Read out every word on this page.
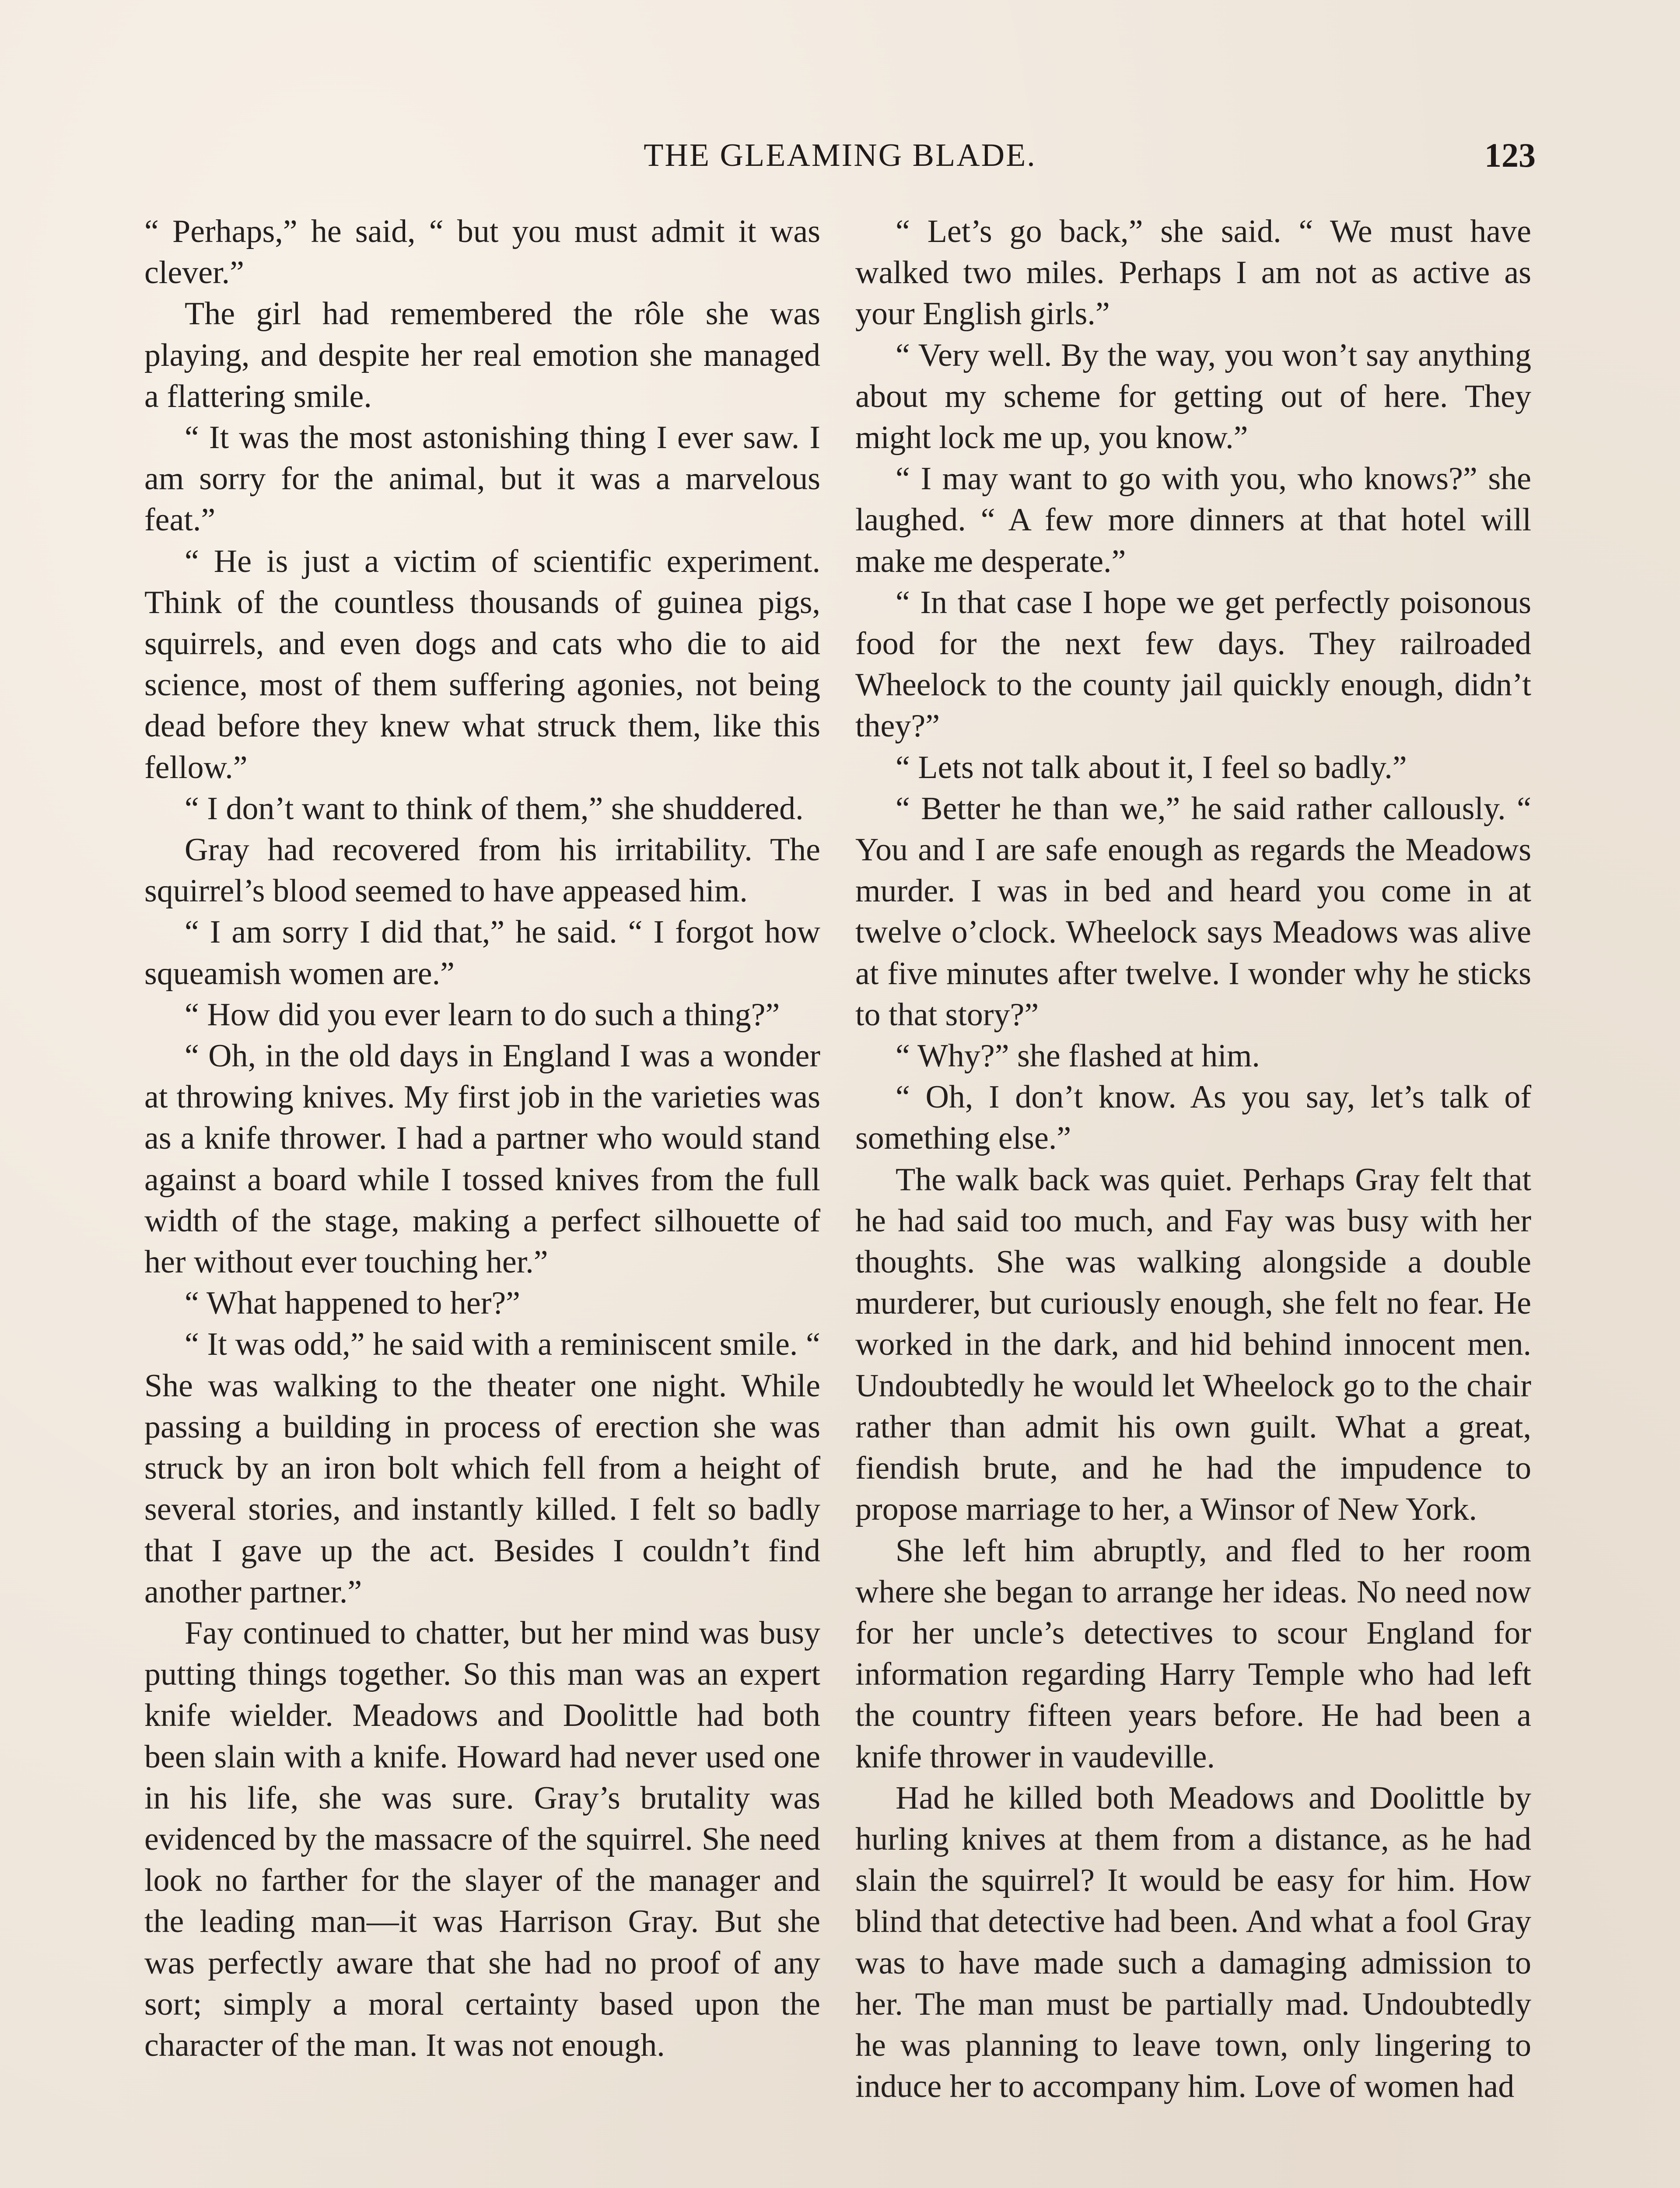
THE GLEAMING BLADE.	123

“ Perhaps,” he said, “ but you must admit it was clever.”

The girl had remembered the rôle she was playing, and despite her real emotion she managed a flattering smile.

“ It was the most astonishing thing I ever saw. I am sorry for the animal, but it was a marvelous feat.”

“ He is just a victim of scientific experiment. Think of the countless thousands of guinea pigs, squirrels, and even dogs and cats who die to aid science, most of them suffering agonies, not being dead before they knew what struck them, like this fellow.”

“ I don’t want to think of them,” she shuddered.

Gray had recovered from his irritability. The squirrel’s blood seemed to have appeased him.

“ I am sorry I did that,” he said. “ I forgot how squeamish women are.”

“ How did you ever learn to do such a thing?”

“ Oh, in the old days in England I was a wonder at throwing knives. My first job in the varieties was as a knife thrower. I had a partner who would stand against a board while I tossed knives from the full width of the stage, making a perfect silhouette of her without ever touching her.”

“ What happened to her?”

“ It was odd,” he said with a reminiscent smile. “ She was walking to the theater one night. While passing a building in process of erection she was struck by an iron bolt which fell from a height of several stories, and instantly killed. I felt so badly that I gave up the act. Besides I couldn’t find another partner.”

Fay continued to chatter, but her mind was busy putting things together. So this man was an expert knife wielder. Meadows and Doolittle had both been slain with a knife. Howard had never used one in his life, she was sure. Gray’s brutality was evidenced by the massacre of the squirrel. She need look no farther for the slayer of the manager and the leading man—it was Harrison Gray. But she was perfectly aware that she had no proof of any sort; simply a moral certainty based upon the character of the man. It was not enough.

“ Let’s go back,” she said. “ We must have walked two miles. Perhaps I am not as active as your English girls.”

“ Very well. By the way, you won’t say anything about my scheme for getting out of here. They might lock me up, you know.”

“ I may want to go with you, who knows?” she laughed. “ A few more dinners at that hotel will make me desperate.”

“ In that case I hope we get perfectly poisonous food for the next few days. They railroaded Wheelock to the county jail quickly enough, didn’t they?”

“ Lets not talk about it, I feel so badly.”

“ Better he than we,” he said rather callously. “ You and I are safe enough as regards the Meadows murder. I was in bed and heard you come in at twelve o’clock. Wheelock says Meadows was alive at five minutes after twelve. I wonder why he sticks to that story?”

“ Why?” she flashed at him.

“ Oh, I don’t know. As you say, let’s talk of something else.”

The walk back was quiet. Perhaps Gray felt that he had said too much, and Fay was busy with her thoughts. She was walking alongside a double murderer, but curiously enough, she felt no fear. He worked in the dark, and hid behind innocent men. Undoubtedly he would let Wheelock go to the chair rather than admit his own guilt. What a great, fiendish brute, and he had the impudence to propose marriage to her, a Winsor of New York.

She left him abruptly, and fled to her room where she began to arrange her ideas. No need now for her uncle’s detectives to scour England for information regarding Harry Temple who had left the country fifteen years before. He had been a knife thrower in vaudeville.

Had he killed both Meadows and Doolittle by hurling knives at them from a distance, as he had slain the squirrel? It would be easy for him. How blind that detective had been. And what a fool Gray was to have made such a damaging admission to her. The man must be partially mad. Undoubtedly he was planning to leave town, only lingering to induce her to accompany him. Love of women had
